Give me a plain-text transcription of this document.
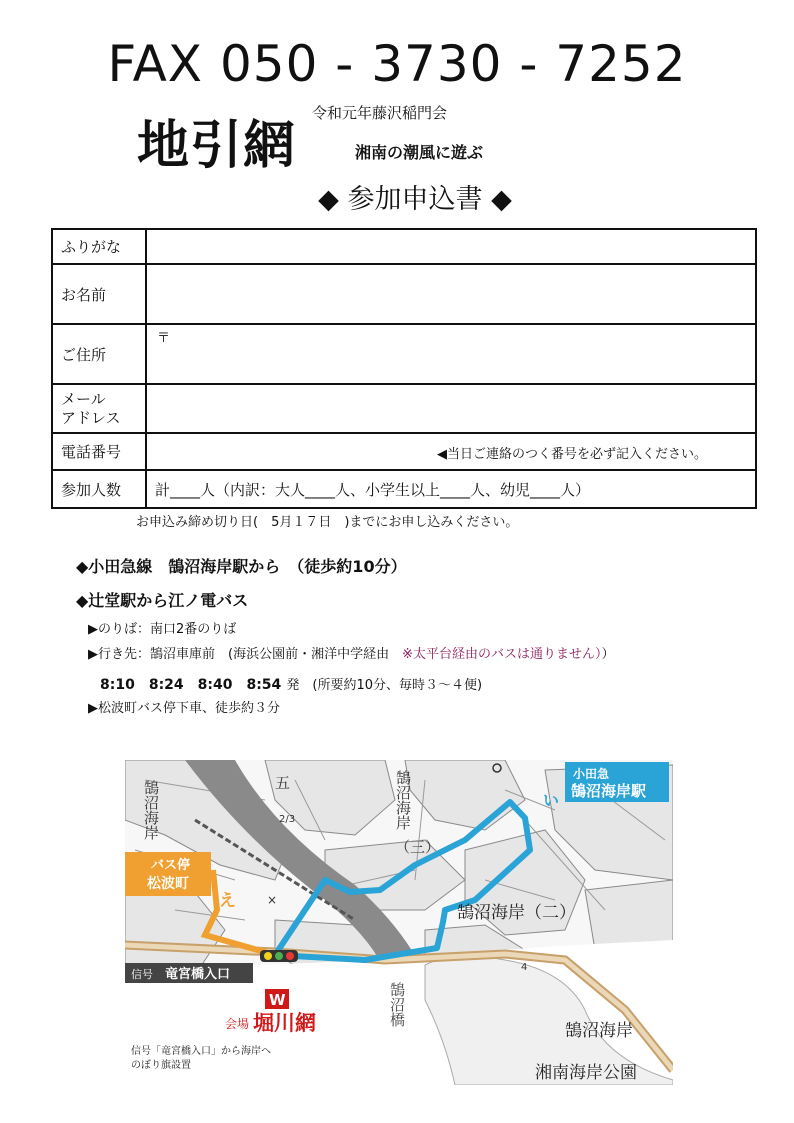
FAX 050 - 3730 - 7252
令和元年藤沢稲門会
地引網	湘南の潮風に遊ぶ
◆ 参加申込書 ◆
ふりがな	
お名前	
ご住所	〒

メール
アドレス	
電話番号	◀当日ご連絡のつく番号を必ず記入ください。

参加人数	計____人（内訳：大人____人、小学生以上____人、幼児____人）
お申込み締め切り日(　5月１７日　)までにお申し込みください。
◆小田急線　鵠沼海岸駅から　（徒歩約10分）
◆辻堂駅から江ノ電バス
▶のりば：南口2番のりば
▶行き先：鵠沼車庫前　(海浜公園前・湘洋中学経由　※太平台経由のバスは通りません））
8:10　8:24　8:40　8:54 発　(所要約10分、毎時３～４便)
▶松波町バス停下車、徒歩約３分
小田急
鵠沼海岸駅
い
バス停
松波町
え
信号 竜宮橋入口
W
会場 堀川網
信号「竜宮橋入口」から海岸へ
のぼり旗設置
鵠沼海岸（二）
鵠沼海岸
湘南海岸公園
五
（三）
2/3
4
鵠沼海岸	鵠沼海岸
鵠沼橋
×
